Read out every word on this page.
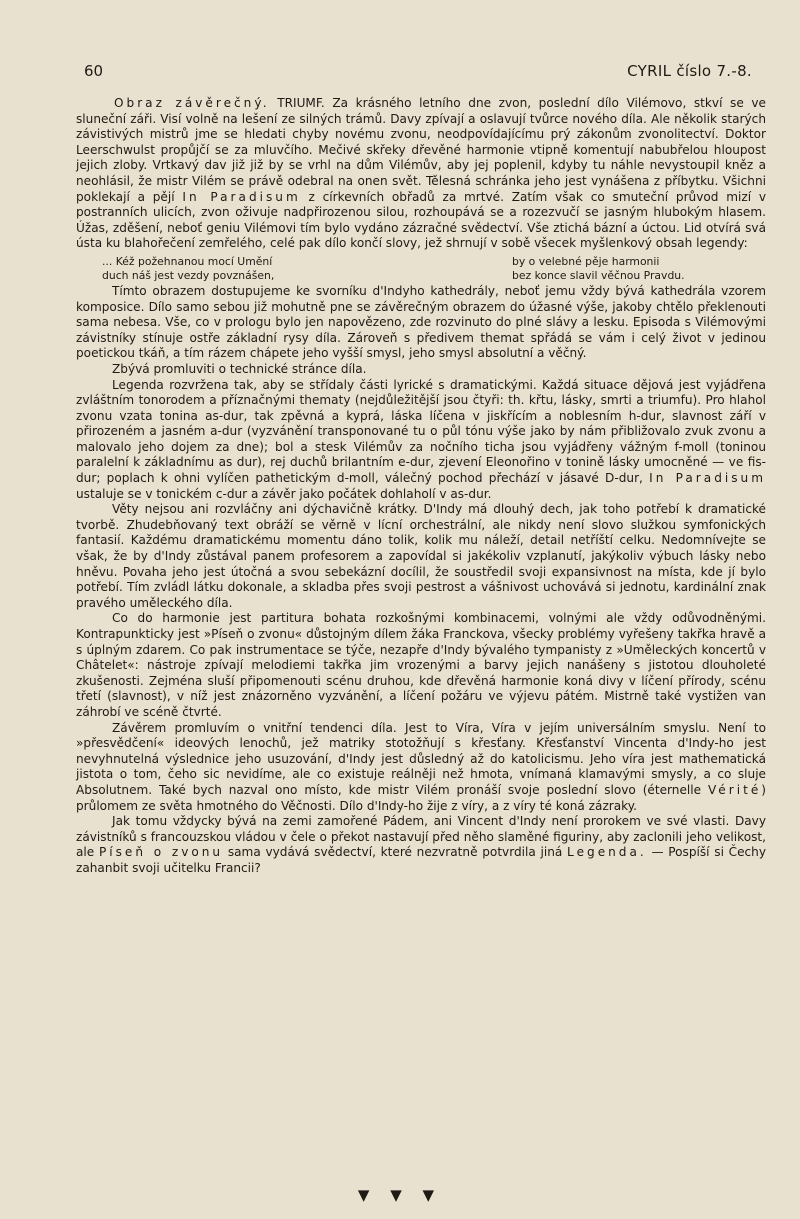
60	CYRIL číslo 7.-8.

Obraz závěrečný. TRIUMF. Za krásného letního dne zvon, poslední dílo Vilémovo, stkví se ve sluneční záři. Visí volně na lešení ze silných trámů. Davy zpívají a oslavují tvůrce nového díla. Ale několik starých závistivých mistrů jme se hledati chyby novému zvonu, neodpovídajícímu prý zákonům zvonolitectví. Doktor Leerschwulst propůjčí se za mluvčího. Mečivé skřeky dřevěné harmonie vtipně komentují nabubřelou hloupost jejich zloby. Vrtkavý dav již již by se vrhl na dům Vilémův, aby jej poplenil, kdyby tu náhle nevystoupil kněz a neohlásil, že mistr Vilém se právě odebral na onen svět. Tělesná schránka jeho jest vynášena z příbytku. Všichni poklekají a pějí In Paradisum z církevních obřadů za mrtvé. Zatím však co smuteční průvod mizí v postranních ulicích, zvon oživuje nadpřirozenou silou, rozhoupává se a rozezvučí se jasným hlubokým hlasem. Úžas, zděšení, neboť geniu Vilémovi tím bylo vydáno zázračné svědectví. Vše ztichá bázní a úctou. Lid otvírá svá ústa ku blahořečení zemřelého, celé pak dílo končí slovy, jež shrnují v sobě všecek myšlenkový obsah legendy:

... Kéž požehnanou mocí Umění
duch náš jest vezdy povznášen,
by o velebné pěje harmonii
bez konce slavil věčnou Pravdu.

Tímto obrazem dostupujeme ke svorníku d'Indyho kathedrály, neboť jemu vždy bývá kathedrála vzorem komposice. Dílo samo sebou již mohutně pne se závěrečným obrazem do úžasné výše, jakoby chtělo překlenouti sama nebesa. Vše, co v prologu bylo jen napovězeno, zde rozvinuto do plné slávy a lesku. Episoda s Vilémovými závistníky stínuje ostře základní rysy díla. Zároveň s předivem themat spřádá se vám i celý život v jedinou poetickou tkáň, a tím rázem chápete jeho vyšší smysl, jeho smysl absolutní a věčný.

Zbývá promluviti o technické stránce díla.

Legenda rozvržena tak, aby se střídaly části lyrické s dramatickými. Každá situace dějová jest vyjádřena zvláštním tonorodem a příznačnými thematy (nejdůležitější jsou čtyři: th. křtu, lásky, smrti a triumfu). Pro hlahol zvonu vzata tonina as-dur, tak zpěvná a kyprá, láska líčena v jiskřícím a noblesním h-dur, slavnost září v přirozeném a jasném a-dur (vyzvánění transponované tu o půl tónu výše jako by nám přibližovalo zvuk zvonu a malovalo jeho dojem za dne); bol a stesk Vilémův za nočního ticha jsou vyjádřeny vážným f-moll (toninou paralelní k základnímu as dur), rej duchů brilantním e-dur, zjevení Eleonořino v tonině lásky umocněné — ve fis-dur; poplach k ohni vylíčen pathetickým d-moll, válečný pochod přechází v jásavé D-dur, In Paradisum ustaluje se v tonickém c-dur a závěr jako počátek dohlaholí v as-dur.

Věty nejsou ani rozvláčny ani dýchavičně krátky. D'Indy má dlouhý dech, jak toho potřebí k dramatické tvorbě. Zhudebňovaný text obráží se věrně v lícní orchestrální, ale nikdy není slovo služkou symfonických fantasií. Každému dramatickému momentu dáno tolik, kolik mu náleží, detail netříští celku. Nedomnívejte se však, že by d'Indy zůstával panem profesorem a zapovídal si jakékoliv vzplanutí, jakýkoliv výbuch lásky nebo hněvu. Povaha jeho jest útočná a svou sebekázní docílil, že soustředil svoji expansivnost na místa, kde jí bylo potřebí. Tím zvládl látku dokonale, a skladba přes svoji pestrost a vášnivost uchovává si jednotu, kardinální znak pravého uměleckého díla.

Co do harmonie jest partitura bohata rozkošnými kombinacemi, volnými ale vždy odůvodněnými. Kontrapunkticky jest »Píseň o zvonu« důstojným dílem žáka Franckova, všecky problémy vyřešeny takřka hravě a s úplným zdarem. Co pak instrumentace se týče, nezapře d'Indy bývalého tympanisty z »Uměleckých koncertů v Châtelet«: nástroje zpívají melodiemi takřka jim vrozenými a barvy jejich nanášeny s jistotou dlouholeté zkušenosti. Zejména sluší připomenouti scénu druhou, kde dřevěná harmonie koná divy v líčení přírody, scénu třetí (slavnost), v níž jest znázorněno vyzvánění, a líčení požáru ve výjevu pátém. Mistrně také vystižen van záhrobí ve scéně čtvrté.

Závěrem promluvím o vnitřní tendenci díla. Jest to Víra, Víra v jejím universálním smyslu. Není to »přesvědčení« ideových lenochů, jež matriky stotožňují s křesťany. Křesťanství Vincenta d'Indy-ho jest nevyhnutelná výslednice jeho usuzování, d'Indy jest důsledný až do katolicismu. Jeho víra jest mathematická jistota o tom, čeho sic nevidíme, ale co existuje reálněji než hmota, vnímaná klamavými smysly, a co sluje Absolutnem. Také bych nazval ono místo, kde mistr Vilém pronáší svoje poslední slovo (éternelle Vérité) průlomem ze světa hmotného do Věčnosti. Dílo d'Indy-ho žije z víry, a z víry té koná zázraky.

Jak tomu vždycky bývá na zemi zamořené Pádem, ani Vincent d'Indy není prorokem ve své vlasti. Davy závistníků s francouzskou vládou v čele o překot nastavují před něho slaměné figuriny, aby zaclonili jeho velikost, ale Píseň o zvonu sama vydává svědectví, které nezvratně potvrdila jiná Legenda. — Pospíší si Čechy zahanbit svoji učitelku Francii?

▼ ▼ ▼
